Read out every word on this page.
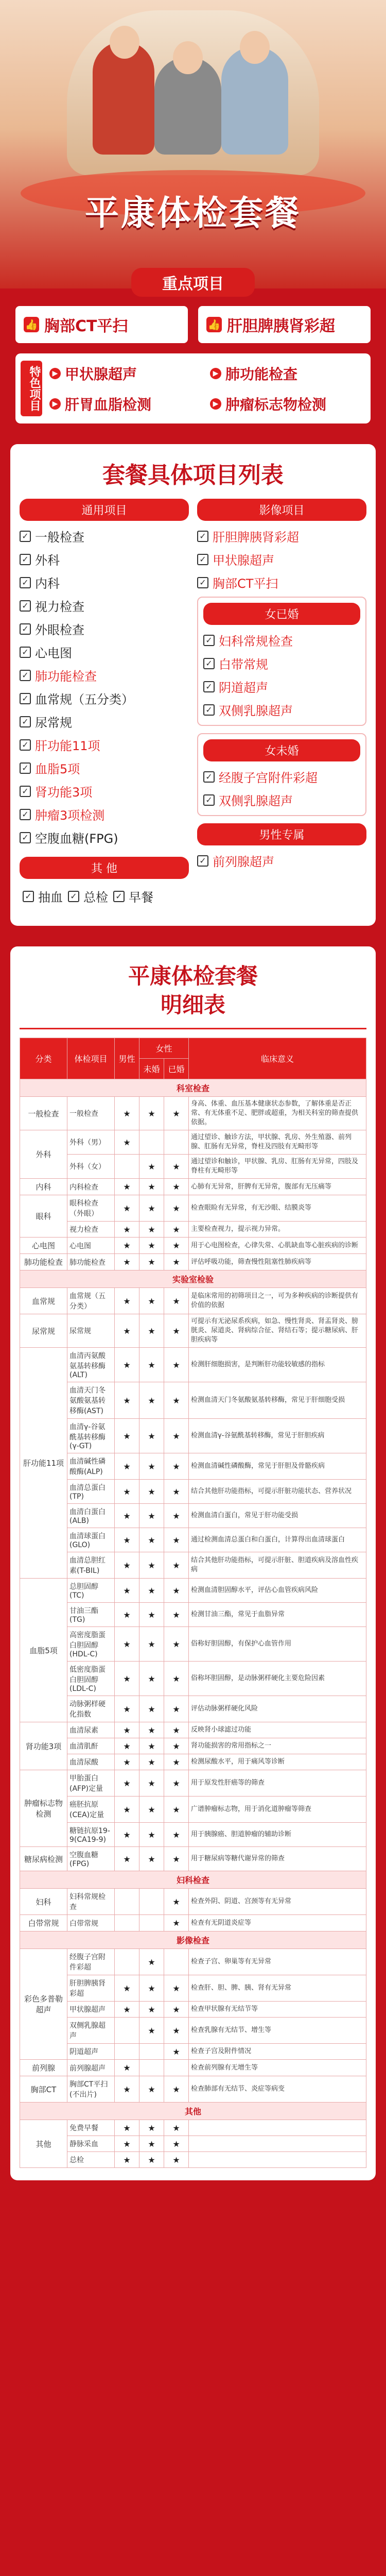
平康体检套餐
重点项目
👍 胸部CT平扫	👍 肝胆脾胰肾彩超
特色项目	▶ 甲状腺超声	▶ 肺功能检查
▶ 肝胃血脂检测	▶ 肿瘤标志物检测
套餐具体项目列表
通用项目
✓ 一般检查
✓ 外科
✓ 内科
✓ 视力检查
✓ 外眼检查
✓ 心电图
✓ 肺功能检查
✓ 血常规（五分类）
✓ 尿常规
✓ 肝功能11项
✓ 血脂5项
✓ 肾功能3项
✓ 肿瘤3项检测
✓ 空腹血糖(FPG)
其 他
✓ 抽血 ✓ 总检 ✓ 早餐
影像项目
✓ 肝胆脾胰肾彩超
✓ 甲状腺超声
✓ 胸部CT平扫
女已婚
✓ 妇科常规检查
✓ 白带常规
✓ 阴道超声
✓ 双侧乳腺超声
女未婚
✓ 经腹子宫附件彩超
✓ 双侧乳腺超声
男性专属
✓ 前列腺超声
平康体检套餐
明细表
分类	体检项目	男性	女性		临床意义
			未婚	已婚	
科室检查					
一般检查	一般检查	★	★	★	身高、体重、血压基本健康状态参数，了解体重是否正常、有无体重不足、肥胖或超重，为相关科室的筛查提供依据。
外科	外科（男）	★			通过望诊、触诊方法，甲状腺、乳房、外生殖器、前列腺、肛肠有无异常，脊柱及四肢有无畸形等
	外科（女）		★	★	通过望诊和触诊，甲状腺、乳房、肛肠有无异常，四肢及脊柱有无畸形等
内科	内科检查	★	★	★	心肺有无异常，肝脾有无异常，腹部有无压痛等
眼科	眼科检查（外眼）	★	★	★	检查眼睑有无异常，有无沙眼、结膜炎等
	视力检查	★	★	★	主要检查视力，提示视力异常。
心电图	心电图	★	★	★	用于心电图检查，心律失常、心肌缺血等心脏疾病的诊断
肺功能检查	肺功能检查	★	★	★	评估呼吸功能，筛查慢性阻塞性肺疾病等
实验室检验					
血常规	血常规（五分类）	★	★	★	是临床常用的初筛项目之一，可为多种疾病的诊断提供有价值的依据
尿常规	尿常规	★	★	★	可提示有无泌尿系疾病，如急、慢性肾炎、肾盂肾炎、膀胱炎、尿道炎、肾病综合征、肾结石等；提示糖尿病、肝胆疾病等
肝功能11项	血清丙氨酸氨基转移酶(ALT)	★	★	★	检测肝细胞损害，是判断肝功能较敏感的指标
	血清天门冬氨酸氨基转移酶(AST)	★	★	★	检测血清天门冬氨酸氨基转移酶，常见于肝细胞受损
	血清γ-谷氨酰基转移酶(γ-GT)	★	★	★	检测血清γ-谷氨酰基转移酶，常见于肝胆疾病
	血清碱性磷酸酶(ALP)	★	★	★	检测血清碱性磷酸酶，常见于肝胆及骨骼疾病
	血清总蛋白(TP)	★	★	★	结合其他肝功能指标，可提示肝脏功能状态、营养状况
	血清白蛋白(ALB)	★	★	★	检测血清白蛋白，常见于肝功能受损
	血清球蛋白(GLO)	★	★	★	通过检测血清总蛋白和白蛋白，计算得出血清球蛋白
	血清总胆红素(T-BIL)	★	★	★	结合其他肝功能指标，可提示肝脏、胆道疾病及溶血性疾病
血脂5项	总胆固醇(TC)	★	★	★	检测血清胆固醇水平，评估心血管疾病风险
	甘油三酯(TG)	★	★	★	检测甘油三酯，常见于血脂异常
	高密度脂蛋白胆固醇(HDL-C)	★	★	★	俗称好胆固醇，有保护心血管作用
	低密度脂蛋白胆固醇(LDL-C)	★	★	★	俗称坏胆固醇，是动脉粥样硬化主要危险因素
	动脉粥样硬化指数	★	★	★	评估动脉粥样硬化风险
肾功能3项	血清尿素	★	★	★	反映肾小球滤过功能
	血清肌酐	★	★	★	肾功能损害的常用指标之一
	血清尿酸	★	★	★	检测尿酸水平，用于痛风等诊断
肿瘤标志物检测	甲胎蛋白(AFP)定量	★	★	★	用于原发性肝癌等的筛查
	癌胚抗原(CEA)定量	★	★	★	广谱肿瘤标志物，用于消化道肿瘤等筛查
	糖链抗原19-9(CA19-9)	★	★	★	用于胰腺癌、胆道肿瘤的辅助诊断
糖尿病检测	空腹血糖(FPG)	★	★	★	用于糖尿病等糖代谢异常的筛查
妇科检查					
妇科	妇科常规检查			★	检查外阴、阴道、宫颈等有无异常
白带常规	白带常规			★	检查有无阴道炎症等
影像检查					
彩色多普勒超声	经腹子宫附件彩超		★		检查子宫、卵巢等有无异常
	肝胆脾胰肾彩超	★	★	★	检查肝、胆、脾、胰、肾有无异常
	甲状腺超声	★	★	★	检查甲状腺有无结节等
	双侧乳腺超声		★	★	检查乳腺有无结节、增生等
	阴道超声			★	检查子宫及附件情况
前列腺	前列腺超声	★			检查前列腺有无增生等
胸部CT	胸部CT平扫(不出片)	★	★	★	检查肺部有无结节、炎症等病变
其他					
其他	免费早餐	★	★	★	
	静脉采血	★	★	★	
	总检	★	★	★	
